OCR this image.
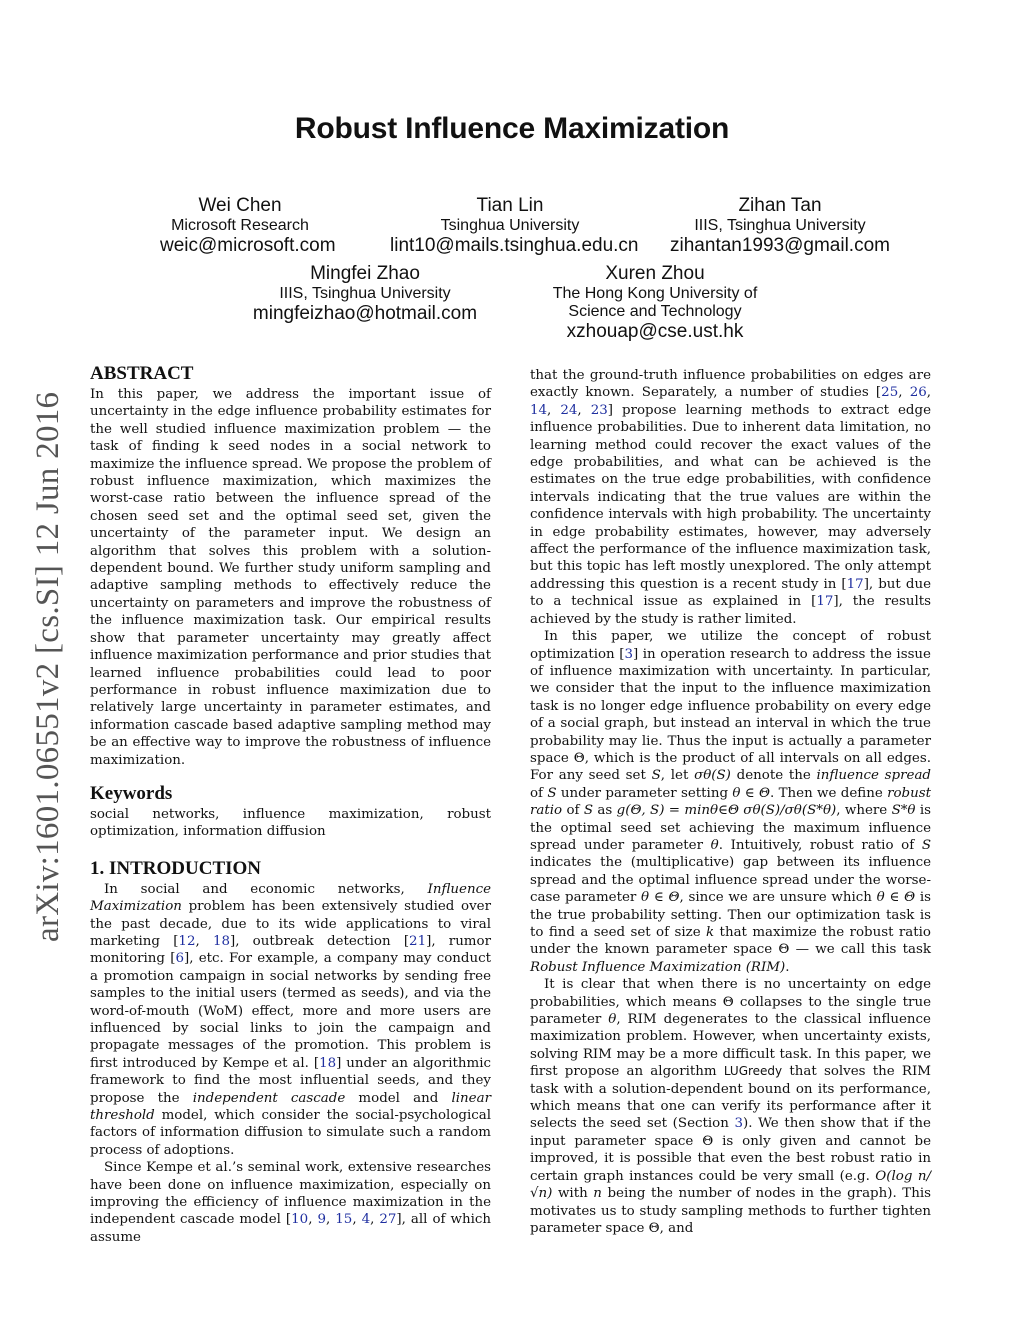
Robust Influence Maximization
Wei Chen
Microsoft Research
weic@microsoft.com
Tian Lin
Tsinghua University
lint10@mails.tsinghua.edu.cn
Zihan Tan
IIIS, Tsinghua University
zihantan1993@gmail.com
Mingfei Zhao
IIIS, Tsinghua University
mingfeizhao@hotmail.com
Xuren Zhou
The Hong Kong University of Science and Technology
xzhouap@cse.ust.hk
arXiv:1601.06551v2 [cs.SI] 12 Jun 2016
ABSTRACT

In this paper, we address the important issue of uncertainty in the edge influence probability estimates for the well studied influence maximization problem — the task of finding k seed nodes in a social network to maximize the influence spread. We propose the problem of robust influence maximization, which maximizes the worst-case ratio between the influence spread of the chosen seed set and the optimal seed set, given the uncertainty of the parameter input. We design an algorithm that solves this problem with a solution-dependent bound. We further study uniform sampling and adaptive sampling methods to effectively reduce the uncertainty on parameters and improve the robustness of the influence maximization task. Our empirical results show that parameter uncertainty may greatly affect influence maximization performance and prior studies that learned influence probabilities could lead to poor performance in robust influence maximization due to relatively large uncertainty in parameter estimates, and information cascade based adaptive sampling method may be an effective way to improve the robustness of influence maximization.

Keywords

social networks, influence maximization, robust optimization, information diffusion

1. INTRODUCTION

In social and economic networks, Influence Maximization problem has been extensively studied over the past decade, due to its wide applications to viral marketing [12, 18], outbreak detection [21], rumor monitoring [6], etc. For example, a company may conduct a promotion campaign in social networks by sending free samples to the initial users (termed as seeds), and via the word-of-mouth (WoM) effect, more and more users are influenced by social links to join the campaign and propagate messages of the promotion. This problem is first introduced by Kempe et al. [18] under an algorithmic framework to find the most influential seeds, and they propose the independent cascade model and linear threshold model, which consider the social-psychological factors of information diffusion to simulate such a random process of adoptions.

Since Kempe et al.’s seminal work, extensive researches have been done on influence maximization, especially on improving the efficiency of influence maximization in the independent cascade model [10, 9, 15, 4, 27], all of which assume

that the ground-truth influence probabilities on edges are exactly known. Separately, a number of studies [25, 26, 14, 24, 23] propose learning methods to extract edge influence probabilities. Due to inherent data limitation, no learning method could recover the exact values of the edge probabilities, and what can be achieved is the estimates on the true edge probabilities, with confidence intervals indicating that the true values are within the confidence intervals with high probability. The uncertainty in edge probability estimates, however, may adversely affect the performance of the influence maximization task, but this topic has left mostly unexplored. The only attempt addressing this question is a recent study in [17], but due to a technical issue as explained in [17], the results achieved by the study is rather limited.

In this paper, we utilize the concept of robust optimization [3] in operation research to address the issue of influence maximization with uncertainty. In particular, we consider that the input to the influence maximization task is no longer edge influence probability on every edge of a social graph, but instead an interval in which the true probability may lie. Thus the input is actually a parameter space Θ, which is the product of all intervals on all edges. For any seed set S, let σθ(S) denote the influence spread of S under parameter setting θ ∈ Θ. Then we define robust ratio of S as g(Θ, S) = minθ∈Θ σθ(S)/σθ(S*θ), where S*θ is the optimal seed set achieving the maximum influence spread under parameter θ. Intuitively, robust ratio of S indicates the (multiplicative) gap between its influence spread and the optimal influence spread under the worse-case parameter θ ∈ Θ, since we are unsure which θ ∈ Θ is the true probability setting. Then our optimization task is to find a seed set of size k that maximize the robust ratio under the known parameter space Θ — we call this task Robust Influence Maximization (RIM).

It is clear that when there is no uncertainty on edge probabilities, which means Θ collapses to the single true parameter θ, RIM degenerates to the classical influence maximization problem. However, when uncertainty exists, solving RIM may be a more difficult task. In this paper, we first propose an algorithm LUGreedy that solves the RIM task with a solution-dependent bound on its performance, which means that one can verify its performance after it selects the seed set (Section 3). We then show that if the input parameter space Θ is only given and cannot be improved, it is possible that even the best robust ratio in certain graph instances could be very small (e.g. O(log n/√n) with n being the number of nodes in the graph). This motivates us to study sampling methods to further tighten parameter space Θ, and
